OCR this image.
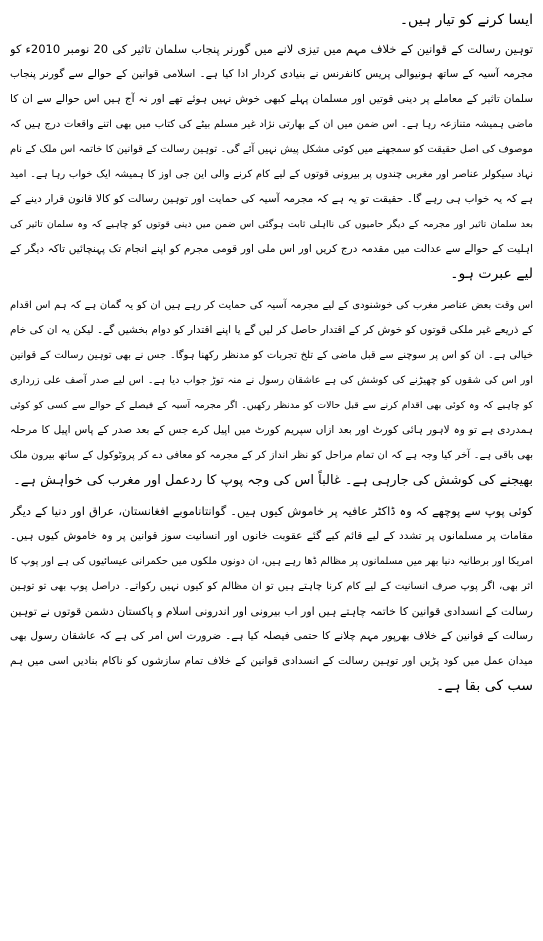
ایسا کرنے کو تیار ہیں۔

توہین رسالت کے قوانین کے خلاف مہم میں تیزی لانے میں گورنر پنجاب سلمان تاثیر کی 20 نومبر 2010ء کو
مجرمہ آسیہ کے ساتھ ہونیوالی پریس کانفرنس نے بنیادی کردار ادا کیا ہے۔ اسلامی قوانین کے حوالے سے گورنر پنجاب
سلمان تاثیر کے معاملے پر دینی قوتیں اور مسلمان پہلے کبھی خوش نہیں ہوئے تھے اور نہ آج ہیں اس حوالے سے ان کا
ماضی ہمیشہ متنازعہ رہا ہے۔ اس ضمن میں ان کے بھارتی نژاد غیر مسلم بیٹے کی کتاب میں بھی اتنے واقعات درج ہیں کہ
موصوف کی اصل حقیقت کو سمجھنے میں کوئی مشکل پیش نہیں آئے گی۔ توہین رسالت کے قوانین کا خاتمہ اس ملک کے نام
نہاد سیکولر عناصر اور مغربی چندوں پر بیرونی قوتوں کے لیے کام کرنے والی این جی اوز کا ہمیشہ ایک خواب رہا ہے۔ امید
ہے کہ یہ خواب ہی رہے گا۔ حقیقت تو یہ ہے کہ مجرمہ آسیہ کی حمایت اور توہین رسالت کو کالا قانون قرار دینے کے
بعد سلمان تاثیر اور مجرمہ کے دیگر حامیوں کی نااہلی ثابت ہوگئی اس ضمن میں دینی قوتوں کو چاہیے کہ وہ سلمان تاثیر کی
اہلیت کے حوالے سے عدالت میں مقدمہ درج کریں اور اس ملی اور قومی مجرم کو اپنے انجام تک پہنچائیں تاکہ دیگر کے
لیے عبرت ہو۔

اس وقت بعض عناصر مغرب کی خوشنودی کے لیے مجرمہ آسیہ کی حمایت کر رہے ہیں ان کو یہ گمان ہے کہ ہم اس اقدام
کے ذریعے غیر ملکی قوتوں کو خوش کر کے اقتدار حاصل کر لیں گے یا اپنے اقتدار کو دوام بخشیں گے۔ لیکن یہ ان کی خام
خیالی ہے۔ ان کو اس پر سوچنے سے قبل ماضی کے تلخ تجربات کو مدنظر رکھنا ہوگا۔ جس نے بھی توہین رسالت کے قوانین
اور اس کی شقوں کو چھیڑنے کی کوشش کی ہے عاشقان رسول نے منہ توڑ جواب دیا ہے۔ اس لیے صدر آصف علی زرداری
کو چاہیے کہ وہ کوئی بھی اقدام کرنے سے قبل حالات کو مدنظر رکھیں۔ اگر مجرمہ آسیہ کے فیصلے کے حوالے سے کسی کو کوئی
ہمدردی ہے تو وہ لاہور ہائی کورٹ اور بعد ازاں سپریم کورٹ میں اپیل کرے جس کے بعد صدر کے پاس اپیل کا مرحلہ
بھی باقی ہے۔ آخر کیا وجہ ہے کہ ان تمام مراحل کو نظر انداز کر کے مجرمہ کو معافی دے کر پروٹوکول کے ساتھ بیرون ملک
بھیجنے کی کوشش کی جارہی ہے۔ غالباً اس کی وجہ پوپ کا ردعمل اور مغرب کی خواہش ہے۔

کوئی پوپ سے پوچھے کہ وہ ڈاکٹر عافیہ پر خاموش کیوں ہیں۔ گوانتاناموبے افغانستان، عراق اور دنیا کے دیگر
مقامات پر مسلمانوں پر تشدد کے لیے قائم کیے گئے عقوبت خانوں اور انسانیت سوز قوانین پر وہ خاموش کیوں ہیں۔
امریکا اور برطانیہ دنیا بھر میں مسلمانوں پر مظالم ڈھا رہے ہیں، ان دونوں ملکوں میں حکمرانی عیسائیوں کی ہے اور پوپ کا
اثر بھی، اگر پوپ صرف انسانیت کے لیے کام کرنا چاہتے ہیں تو ان مظالم کو کیوں نہیں رکواتے۔ دراصل پوپ بھی تو توہین
رسالت کے انسدادی قوانین کا خاتمہ چاہتے ہیں اور اب بیرونی اور اندرونی اسلام و پاکستان دشمن قوتوں نے توہین
رسالت کے قوانین کے خلاف بھرپور مہم چلانے کا حتمی فیصلہ کیا ہے۔ ضرورت اس امر کی ہے کہ عاشقان رسول بھی
میدان عمل میں کود پڑیں اور توہین رسالت کے انسدادی قوانین کے خلاف تمام سازشوں کو ناکام بنادیں اسی میں ہم
سب کی بقا ہے۔
